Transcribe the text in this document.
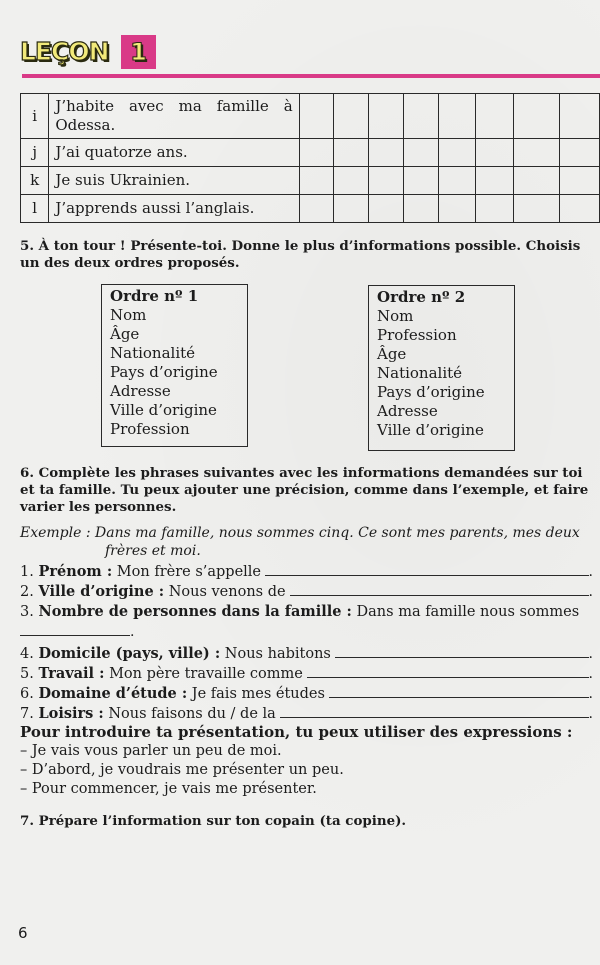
LEÇON 1
i	J’habite avec ma famille à Odessa.								
j	J’ai quatorze ans.								
k	Je suis Ukrainien.								
l	J’apprends aussi l’anglais.								
5. À ton tour ! Présente-toi. Donne le plus d’informations possible. Choisis
un des deux ordres proposés.
Ordre nº 1
Nom
Âge
Nationalité
Pays d’origine
Adresse
Ville d’origine
Profession
Ordre nº 2
Nom
Profession
Âge
Nationalité
Pays d’origine
Adresse
Ville d’origine
6. Complète les phrases suivantes avec les informations demandées sur toi
et ta famille. Tu peux ajouter une précision, comme dans l’exemple, et faire
varier les personnes.
Exemple : Dans ma famille, nous sommes cinq. Ce sont mes parents, mes deux
frères et moi.
1.
Prénom :
Mon frère s’appelle	.
2.
Ville d’origine :
Nous venons de	.
3.
Nombre de personnes dans la famille :
Dans ma famille nous sommes
.
4.
Domicile (pays, ville) :
Nous habitons	.
5.
Travail :
Mon père travaille comme	.
6.
Domaine d’étude :
Je fais mes études	.
7.
Loisirs :
Nous faisons du / de la	.
Pour introduire ta présentation, tu peux utiliser des expressions :
– Je vais vous parler un peu de moi.
– D’abord, je voudrais me présenter un peu.
– Pour commencer, je vais me présenter.
7. Prépare l’information sur ton copain (ta copine).
6
